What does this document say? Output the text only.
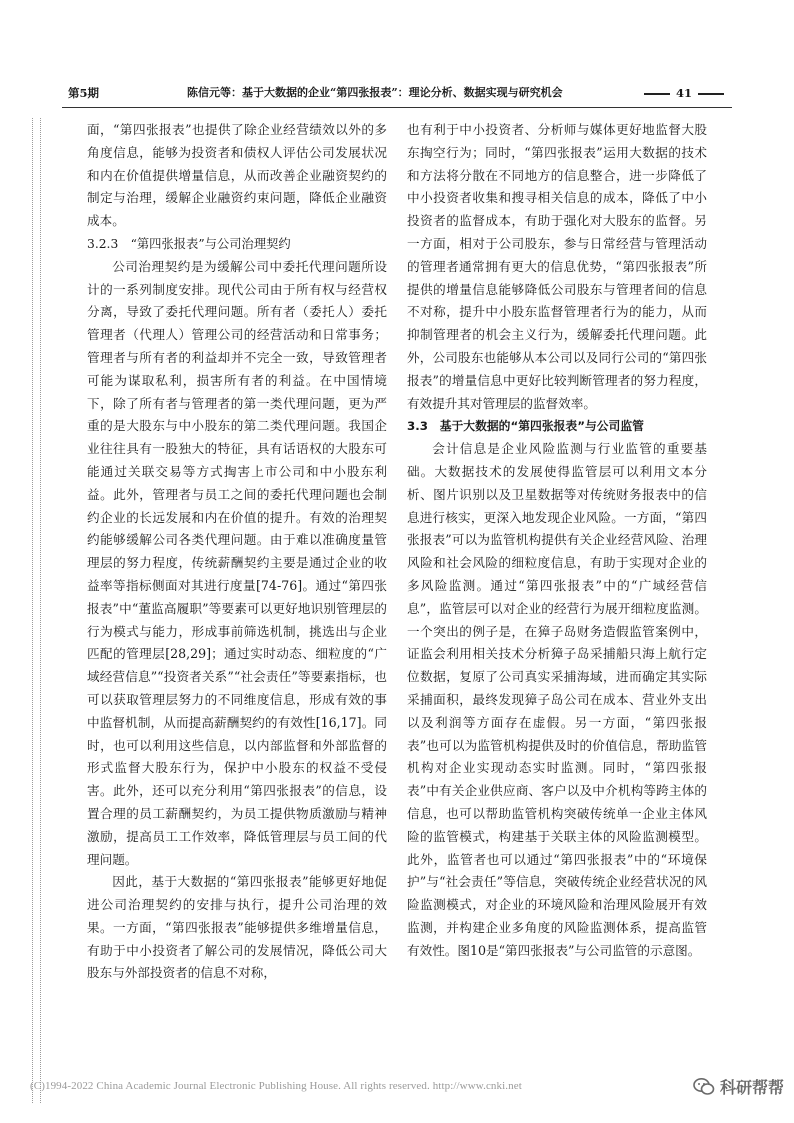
第5期	陈信元等：基于大数据的企业“第四张报表”：理论分析、数据实现与研究机会	41

面，“第四张报表”也提供了除企业经营绩效以外的多角度信息，能够为投资者和债权人评估公司发展状况和内在价值提供增量信息，从而改善企业融资契约的制定与治理，缓解企业融资约束问题，降低企业融资成本。

3.2.3　“第四张报表”与公司治理契约

公司治理契约是为缓解公司中委托代理问题所设计的一系列制度安排。现代公司由于所有权与经营权分离，导致了委托代理问题。所有者（委托人）委托管理者（代理人）管理公司的经营活动和日常事务；管理者与所有者的利益却并不完全一致，导致管理者可能为谋取私利，损害所有者的利益。在中国情境下，除了所有者与管理者的第一类代理问题，更为严重的是大股东与中小股东的第二类代理问题。我国企业往往具有一股独大的特征，具有话语权的大股东可能通过关联交易等方式掏害上市公司和中小股东利益。此外，管理者与员工之间的委托代理问题也会制约企业的长远发展和内在价值的提升。有效的治理契约能够缓解公司各类代理问题。由于难以准确度量管理层的努力程度，传统薪酬契约主要是通过企业的收益率等指标侧面对其进行度量[74-76]。通过“第四张报表”中“董监高履职”等要素可以更好地识别管理层的行为模式与能力，形成事前筛选机制，挑选出与企业匹配的管理层[28,29]；通过实时动态、细粒度的“广域经营信息”“投资者关系”“社会责任”等要素指标，也可以获取管理层努力的不同维度信息，形成有效的事中监督机制，从而提高薪酬契约的有效性[16,17]。同时，也可以利用这些信息，以内部监督和外部监督的形式监督大股东行为，保护中小股东的权益不受侵害。此外，还可以充分利用“第四张报表”的信息，设置合理的员工薪酬契约，为员工提供物质激励与精神激励，提高员工工作效率，降低管理层与员工间的代理问题。

因此，基于大数据的“第四张报表”能够更好地促进公司治理契约的安排与执行，提升公司治理的效果。一方面，“第四张报表”能够提供多维增量信息，有助于中小投资者了解公司的发展情况，降低公司大股东与外部投资者的信息不对称，

也有利于中小投资者、分析师与媒体更好地监督大股东掏空行为；同时，“第四张报表”运用大数据的技术和方法将分散在不同地方的信息整合，进一步降低了中小投资者收集和搜寻相关信息的成本，降低了中小投资者的监督成本，有助于强化对大股东的监督。另一方面，相对于公司股东，参与日常经营与管理活动的管理者通常拥有更大的信息优势，“第四张报表”所提供的增量信息能够降低公司股东与管理者间的信息不对称，提升中小股东监督管理者行为的能力，从而抑制管理者的机会主义行为，缓解委托代理问题。此外，公司股东也能够从本公司以及同行公司的“第四张报表”的增量信息中更好比较判断管理者的努力程度，有效提升其对管理层的监督效率。

3.3　基于大数据的“第四张报表”与公司监管

会计信息是企业风险监测与行业监管的重要基础。大数据技术的发展使得监管层可以利用文本分析、图片识别以及卫星数据等对传统财务报表中的信息进行核实，更深入地发现企业风险。一方面，“第四张报表”可以为监管机构提供有关企业经营风险、治理风险和社会风险的细粒度信息，有助于实现对企业的多风险监测。通过“第四张报表”中的“广域经营信息”，监管层可以对企业的经营行为展开细粒度监测。一个突出的例子是，在獐子岛财务造假监管案例中，证监会利用相关技术分析獐子岛采捕船只海上航行定位数据，复原了公司真实采捕海域，进而确定其实际采捕面积，最终发现獐子岛公司在成本、营业外支出以及利润等方面存在虚假。另一方面，“第四张报表”也可以为监管机构提供及时的价值信息，帮助监管机构对企业实现动态实时监测。同时，“第四张报表”中有关企业供应商、客户以及中介机构等跨主体的信息，也可以帮助监管机构突破传统单一企业主体风险的监管模式，构建基于关联主体的风险监测模型。此外，监管者也可以通过“第四张报表”中的“环境保护”与“社会责任”等信息，突破传统企业经营状况的风险监测模式，对企业的环境风险和治理风险展开有效监测，并构建企业多角度的风险监测体系，提高监管有效性。图10是“第四张报表”与公司监管的示意图。

(C)1994-2022 China Academic Journal Electronic Publishing House. All rights reserved. http://www.cnki.net	科研帮帮
